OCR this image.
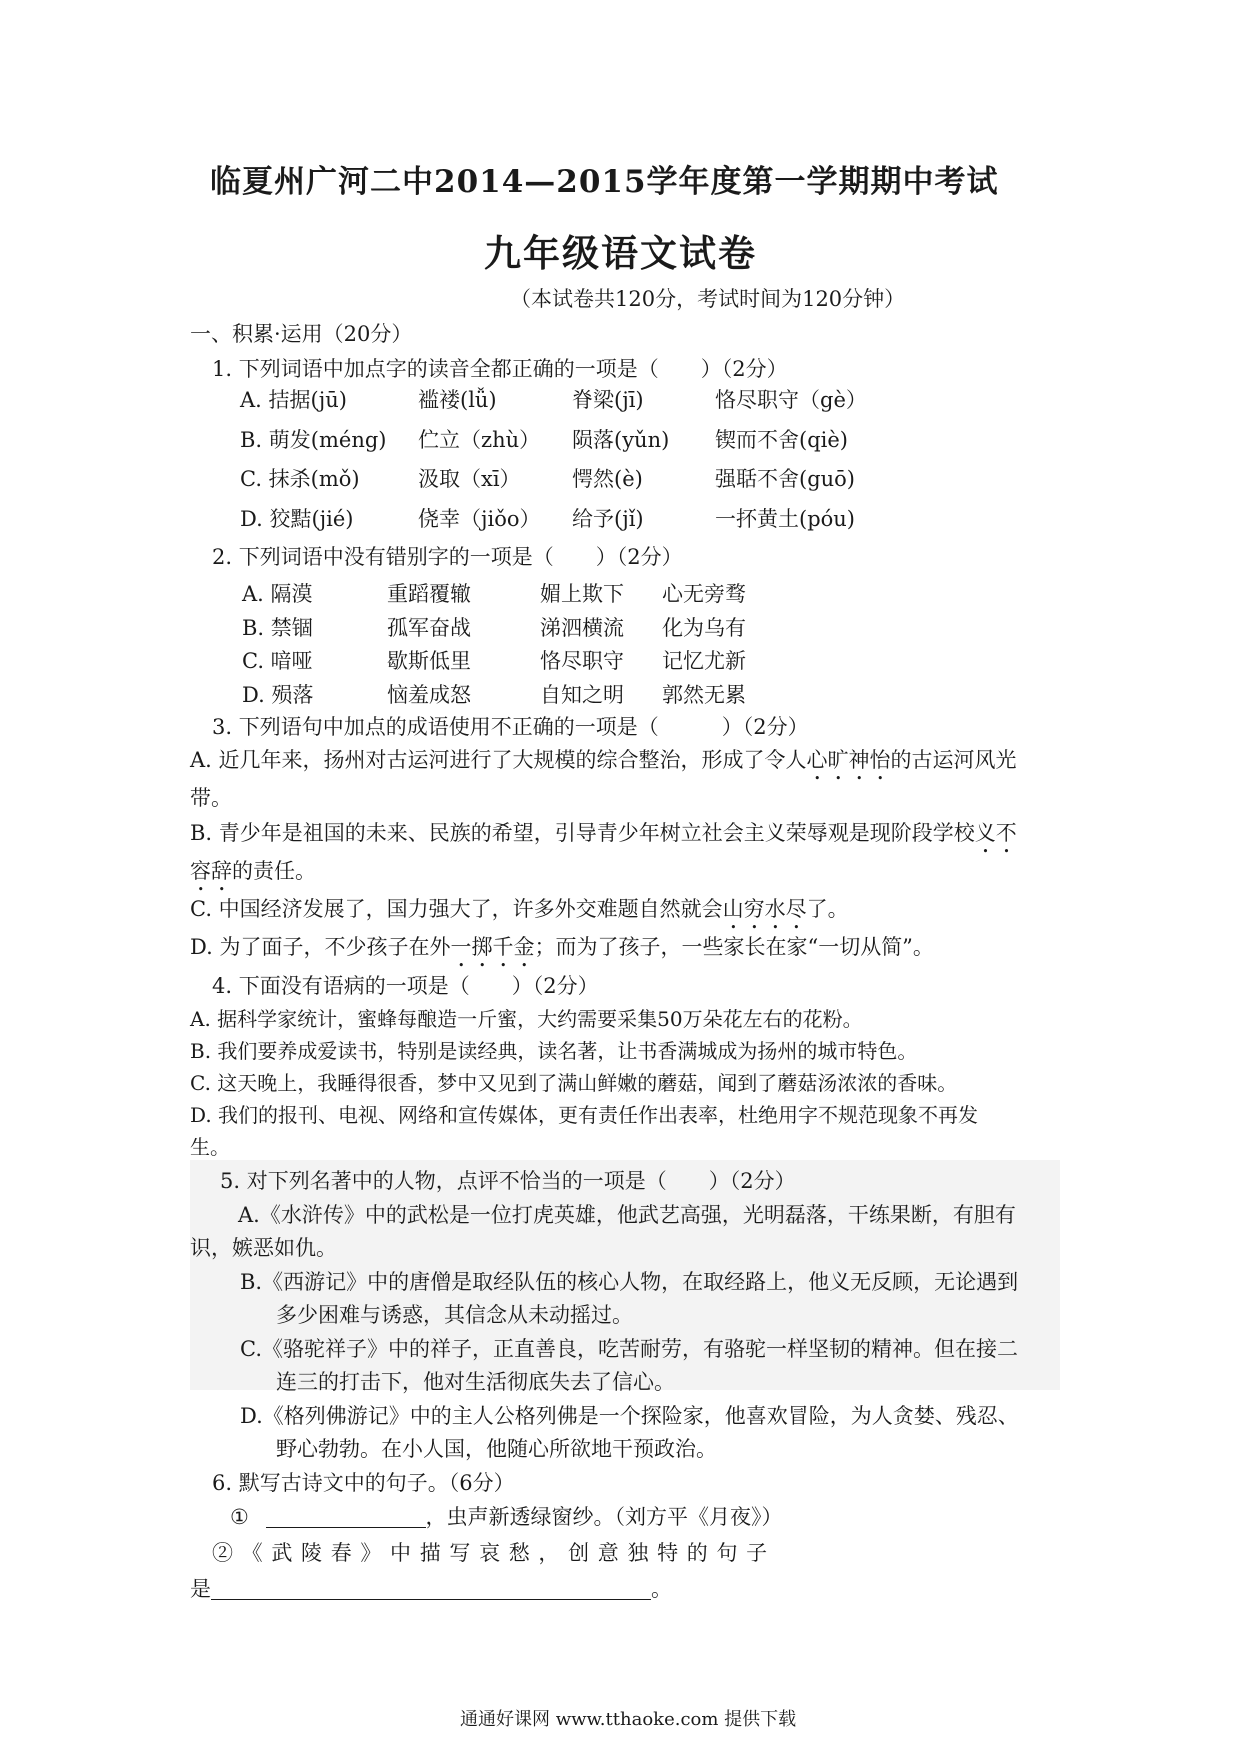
临夏州广河二中2014—2015学年度第一学期期中考试
九年级语文试卷
（本试卷共120分，考试时间为120分钟）
一、积累·运用（20分）
1. 下列词语中加点字的读音全都正确的一项是（　　）（2分）
A. 拮据(jū)	褴褛(lǚ)	脊梁(jī)	恪尽职守（gè）
B. 萌发(méng) 伫立（zhù） 陨落(yǔn) 锲而不舍(qiè)
C. 抹杀(mǒ)	汲取（xī） 愕然(è)	强聒不舍(guō)
D. 狡黠(jié)	侥幸（jiǒo） 给予(jǐ)	一抔黄土(póu)
2. 下列词语中没有错别字的一项是（　　）（2分）
A. 隔漠	重蹈覆辙	媚上欺下 心无旁骛
B. 禁锢	孤军奋战	涕泗横流 化为乌有
C. 喑哑	歇斯低里	恪尽职守 记忆尤新
D. 殒落	恼羞成怒	自知之明 郭然无累
3. 下列语句中加点的成语使用不正确的一项是（　　　）（2分）
A. 近几年来，扬州对古运河进行了大规模的综合整治，形成了令人心旷神怡的古运河风光
带。
B. 青少年是祖国的未来、民族的希望，引导青少年树立社会主义荣辱观是现阶段学校义不
容辞的责任。
C. 中国经济发展了，国力强大了，许多外交难题自然就会山穷水尽了。
D. 为了面子，不少孩子在外一掷千金；而为了孩子，一些家长在家“一切从简”。
4. 下面没有语病的一项是（　　）（2分）
A. 据科学家统计，蜜蜂每酿造一斤蜜，大约需要采集50万朵花左右的花粉。
B. 我们要养成爱读书，特别是读经典，读名著，让书香满城成为扬州的城市特色。
C. 这天晚上，我睡得很香，梦中又见到了满山鲜嫩的蘑菇，闻到了蘑菇汤浓浓的香味。
D. 我们的报刊、电视、网络和宣传媒体，更有责任作出表率，杜绝用字不规范现象不再发
生。
5. 对下列名著中的人物，点评不恰当的一项是（　　）（2分）
A.《水浒传》中的武松是一位打虎英雄，他武艺高强，光明磊落，干练果断，有胆有
识，嫉恶如仇。
B.《西游记》中的唐僧是取经队伍的核心人物，在取经路上，他义无反顾，无论遇到
多少困难与诱惑，其信念从未动摇过。
C.《骆驼祥子》中的祥子，正直善良，吃苦耐劳，有骆驼一样坚韧的精神。但在接二
连三的打击下，他对生活彻底失去了信心。
D.《格列佛游记》中的主人公格列佛是一个探险家，他喜欢冒险，为人贪婪、残忍、
野心勃勃。在小人国，他随心所欲地干预政治。
6. 默写古诗文中的句子。（6分）
①	，虫声新透绿窗纱。（刘方平《月夜》）
② 《 武 陵 春 》 中 描 写 哀 愁 ， 创 意 独 特 的 句 子
是	。
通通好课网 www.tthaoke.com 提供下载
